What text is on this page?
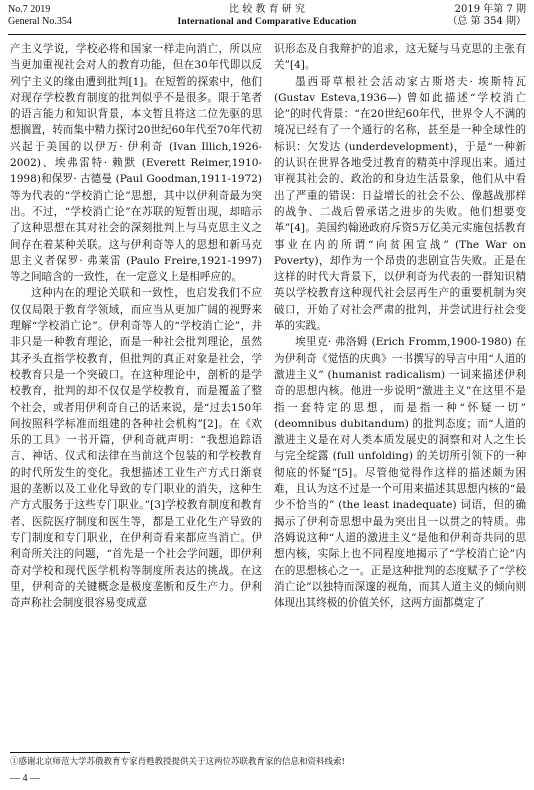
No.7 2019
General No.354
比 较 教 育 研 究
International and Comparative Education
2019 年第 7 期
（总 第 354 期）

产主义学说，学校必将和国家一样走向消亡，所以应当更加重视社会对人的教育功能，但在30年代即以反列宁主义的缘由遭到批判[1]。在短暂的探索中，他们对现存学校教育制度的批判似乎不是很多。限于笔者的语言能力和知识背景，本文暂且将这二位先驱的思想搁置，转而集中精力探讨20世纪60年代至70年代初兴起于美国的以伊万· 伊利奇 (Ivan Illich,1926-2002)、埃弗雷特· 赖默 (Everett Reimer,1910-1998)和保罗· 古德曼 (Paul Goodman,1911-1972) 等为代表的“学校消亡论”思想，其中以伊利奇最为突出。不过，“学校消亡论”在苏联的短暂出现，却暗示了这种思想在其对社会的深刻批判上与马克思主义之间存在着某种关联。这与伊利奇等人的思想和新马克思主义者保罗· 弗莱雷 (Paulo Freire,1921-1997) 等之间暗含的一致性，在一定意义上是相呼应的。

这种内在的理论关联和一致性，也启发我们不应仅仅局限于教育学领域，而应当从更加广阔的视野来理解“学校消亡论”。伊利奇等人的“学校消亡论”，并非只是一种教育理论，而是一种社会批判理论，虽然其矛头直指学校教育，但批判的真正对象是社会，学校教育只是一个突破口。在这种理论中，剖析的是学校教育，批判的却不仅仅是学校教育，而是覆盖了整个社会，或者用伊利奇自己的话来说，是“过去150年间按照科学标准而组建的各种社会机构”[2]。在《欢乐的工具》一书开篇，伊利奇就声明：“我想追踪语言、神话、仪式和法律在当前这个包装的和学校教育的时代所发生的变化。我想描述工业生产方式日渐衰退的垄断以及工业化导致的专门职业的消失，这种生产方式服务于这些专门职业。”[3]学校教育制度和教育者、医院医疗制度和医生等，都是工业化生产导致的专门制度和专门职业，在伊利奇看来都应当消亡。伊利奇所关注的问题，“首先是一个社会学问题，即伊利奇对学校和现代医学机构等制度所表达的挑战。在这里，伊利奇的关键概念是极度垄断和反生产力。伊利奇声称社会制度很容易变成意

识形态及自我辩护的追求，这无疑与马克思的主张有关”[4]。

墨西哥草根社会活动家古斯塔夫· 埃斯特瓦 (Gustav Esteva,1936—) 曾如此描述“学校消亡论”的时代背景：“在20世纪60年代，世界令人不满的境况已经有了一个通行的名称，甚至是一种全球性的标识：欠发达 (underdevelopment)，于是“一种新的认识在世界各地受过教育的精英中浮现出来。通过审视其社会的、政治的和身边生活景象，他们从中看出了严重的错误：日益增长的社会不公、像越战那样的战争、二战后曾承诺之进步的失败。他们想要变革”[4]。美国约翰逊政府斥资5万亿美元实施包括教育事业在内的所谓“向贫困宣战” (The War on Poverty)，却作为一个昂贵的悲剧宣告失败。正是在这样的时代大背景下，以伊利奇为代表的一群知识精英以学校教育这种现代社会层再生产的重要机制为突破口，开始了对社会严肃的批判，并尝试进行社会变革的实践。

埃里克· 弗洛姆 (Erich Fromm,1900-1980) 在为伊利奇《觉悟的庆典》一书撰写的导言中用“人道的激进主义” (humanist radicalism) 一词来描述伊利奇的思想内核。他进一步说明“激进主义”在这里不是指一套特定的思想，而是指一种“怀疑一切” (deomnibus dubitandum) 的批判态度；而“人道的激进主义是在对人类本质发展史的洞察和对人之生长与完全绽露 (full unfolding) 的关切所引领下的一种彻底的怀疑”[5]。尽管他觉得作这样的描述颇为困难，且认为这不过是一个可用来描述其思想内核的“最少不恰当的” (the least inadequate) 词语，但的确揭示了伊利奇思想中最为突出且一以贯之的特质。弗洛姆说这种“人道的激进主义”是他和伊利奇共同的思想内核，实际上也不同程度地揭示了“学校消亡论”内在的思想核心之一。正是这种批判的态度赋予了“学校消亡论”以独特而深邃的视角，而其人道主义的倾向则体现出其终极的价值关怀，这两方面都奠定了

①感谢北京师范大学苏俄教育专家肖甦教授提供关于这两位苏联教育家的信息和资料线索!
— 4 —
